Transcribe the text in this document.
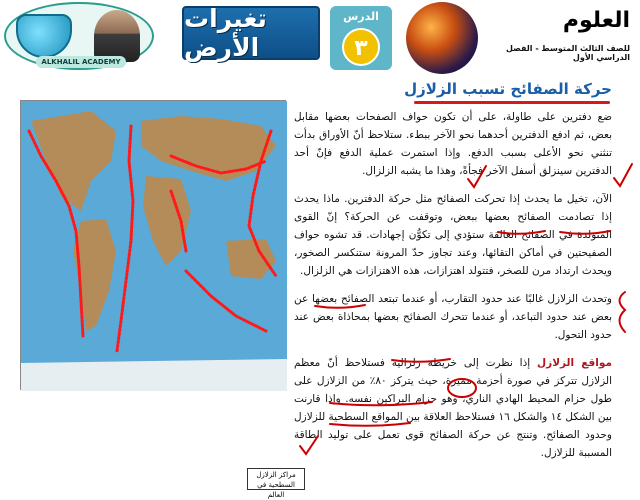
ALKHALIL ACADEMY
تغيرات الأرض
الدرس
٣
العلوم
للصف الثالث المتوسط - الفصل الدراسي الأول
حركة الصفائح تسبب الزلازل
مراكز الزلازل السطحية في العالم
ضع دفترين على طاولة، على أن تكون حواف الصفحات بعضها مقابل بعض، ثم ادفع الدفترين أحدهما نحو الآخر ببطء. ستلاحظ أنّ الأوراق بدأت تنثني نحو الأعلى بسبب الدفع. وإذا استمرت عملية الدفع فإنّ أحد الدفترين سينزلق أسفل الآخر فجأةً، وهذا ما يشبه الزلزال.
الآن، تخيل ما يحدث إذا تحركت الصفائح مثل حركة الدفترين. ماذا يحدث إذا تصادمت الصفائح بعضها ببعض، وتوقفت عن الحركة؟ إنّ القوى المتولدة في الصفائح العالقة ستؤدي إلى تكوُّن إجهادات. قد تشوه حواف الصفيحتين في أماكن التقائها، وعند تجاوز حدّ المرونة ستنكسر الصخور، ويحدث ارتداد مرن للصخر، فتتولد اهتزازات، هذه الاهتزازات هي الزلزال.
وتحدث الزلازل غالبًا عند حدود التقارب، أو عندما تبتعد الصفائح بعضها عن بعض عند حدود التباعد، أو عندما تتحرك الصفائح بعضها بمحاذاة بعض عند حدود التحول.
مواقع الزلازل إذا نظرت إلى خريطة زلزالية فستلاحظ أنّ معظم الزلازل تتركز في صورة أحزمة مميزة، حيث يتركز ٨٠٪ من الزلازل على طول حزام المحيط الهادي الناري، وهو حزام البراكين نفسه. وإذا قارنت بين الشكل ١٤ والشكل ١٦ فستلاحظ العلاقة بين المواقع السطحية للزلازل وحدود الصفائح. وتنتج عن حركة الصفائح قوى تعمل على توليد الطاقة المسببة للزلازل.
